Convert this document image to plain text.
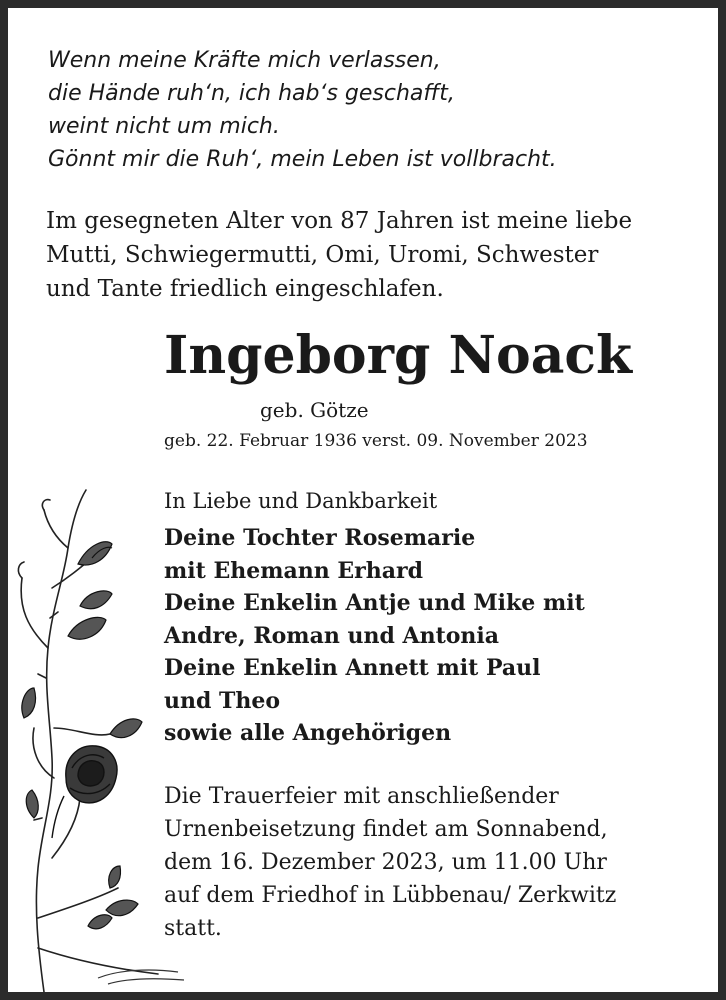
Wenn meine Kräfte mich verlassen,
die Hände ruh‘n, ich hab‘s geschafft,
weint nicht um mich.
Gönnt mir die Ruh‘, mein Leben ist vollbracht.
Im gesegneten Alter von 87 Jahren ist meine liebe
Mutti, Schwiegermutti, Omi, Uromi, Schwester
und Tante friedlich eingeschlafen.
Ingeborg Noack
geb. Götze
geb. 22. Februar 1936 verst. 09. November 2023
In Liebe und Dankbarkeit
Deine Tochter Rosemarie
mit Ehemann Erhard
Deine Enkelin Antje und Mike mit
Andre, Roman und Antonia
Deine Enkelin Annett mit Paul
und Theo
sowie alle Angehörigen
Die Trauerfeier mit anschließender
Urnenbeisetzung findet am Sonnabend,
dem 16. Dezember 2023, um 11.00 Uhr
auf dem Friedhof in Lübbenau/ Zerkwitz
statt.
